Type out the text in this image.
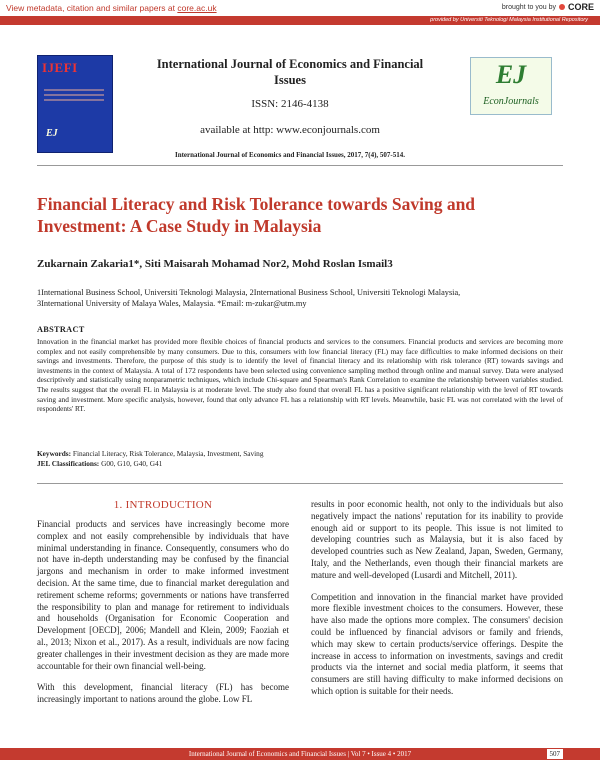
View metadata, citation and similar papers at core.ac.uk	brought to you by CORE
provided by Universiti Teknologi Malaysia Institutional Repository
IJEFI
EJ
International Journal of Economics and Financial Issues
ISSN: 2146-4138
available at http: www.econjournals.com
International Journal of Economics and Financial Issues, 2017, 7(4), 507-514.
EJ
EconJournals
Financial Literacy and Risk Tolerance towards Saving and Investment: A Case Study in Malaysia
Zukarnain Zakaria1*, Siti Maisarah Mohamad Nor2, Mohd Roslan Ismail3
1International Business School, Universiti Teknologi Malaysia, 2International Business School, Universiti Teknologi Malaysia,
3International University of Malaya Wales, Malaysia. *Email: m-zukar@utm.my
ABSTRACT
Innovation in the financial market has provided more flexible choices of financial products and services to the consumers. Financial products and services are becoming more complex and not easily comprehensible by many consumers. Due to this, consumers with low financial literacy (FL) may face difficulties to make informed decisions on their savings and investments. Therefore, the purpose of this study is to identify the level of financial literacy and its relationship with risk tolerance (RT) towards savings and investments in the context of Malaysia. A total of 172 respondents have been selected using convenience sampling method through online and manual survey. Data were analysed descriptively and statistically using nonparametric techniques, which include Chi-square and Spearman's Rank Correlation to examine the relationship between variables studied. The results suggest that the overall FL in Malaysia is at moderate level. The study also found that overall FL has a positive significant relationship with the level of RT towards saving and investment. More specific analysis, however, found that only advance FL has a relationship with RT levels. Meanwhile, basic FL was not correlated with the level of respondents' RT.
Keywords: Financial Literacy, Risk Tolerance, Malaysia, Investment, Saving
JEL Classifications: G00, G10, G40, G41
1. INTRODUCTION

Financial products and services have increasingly become more complex and not easily comprehensible by individuals that have minimal understanding in finance. Consequently, consumers who do not have in-depth understanding may be confused by the financial jargons and mechanism in order to make informed investment decision. At the same time, due to financial market deregulation and retirement scheme reforms; governments or nations have transferred the responsibility to plan and manage for retirement to individuals and households (Organisation for Economic Cooperation and Development [OECD], 2006; Mandell and Klein, 2009; Faoziah et al., 2013; Nixon et al., 2017). As a result, individuals are now facing greater challenges in their investment decision as they are made more accountable for their own financial well-being.

With this development, financial literacy (FL) has become increasingly important to nations around the globe. Low FL

results in poor economic health, not only to the individuals but also negatively impact the nations' reputation for its inability to provide enough aid or support to its people. This issue is not limited to developing countries such as Malaysia, but it is also faced by developed countries such as New Zealand, Japan, Sweden, Germany, Italy, and the Netherlands, even though their financial markets are mature and well-developed (Lusardi and Mitchell, 2011).

Competition and innovation in the financial market have provided more flexible investment choices to the consumers. However, these have also made the options more complex. The consumers' decision could be influenced by financial advisors or family and friends, which may skew to certain products/service offerings. Despite the increase in access to information on investments, savings and credit products via the internet and social media platform, it seems that consumers are still having difficulty to make informed decisions on which option is suitable for their needs.

International Journal of Economics and Financial Issues | Vol 7 • Issue 4 • 2017	507
